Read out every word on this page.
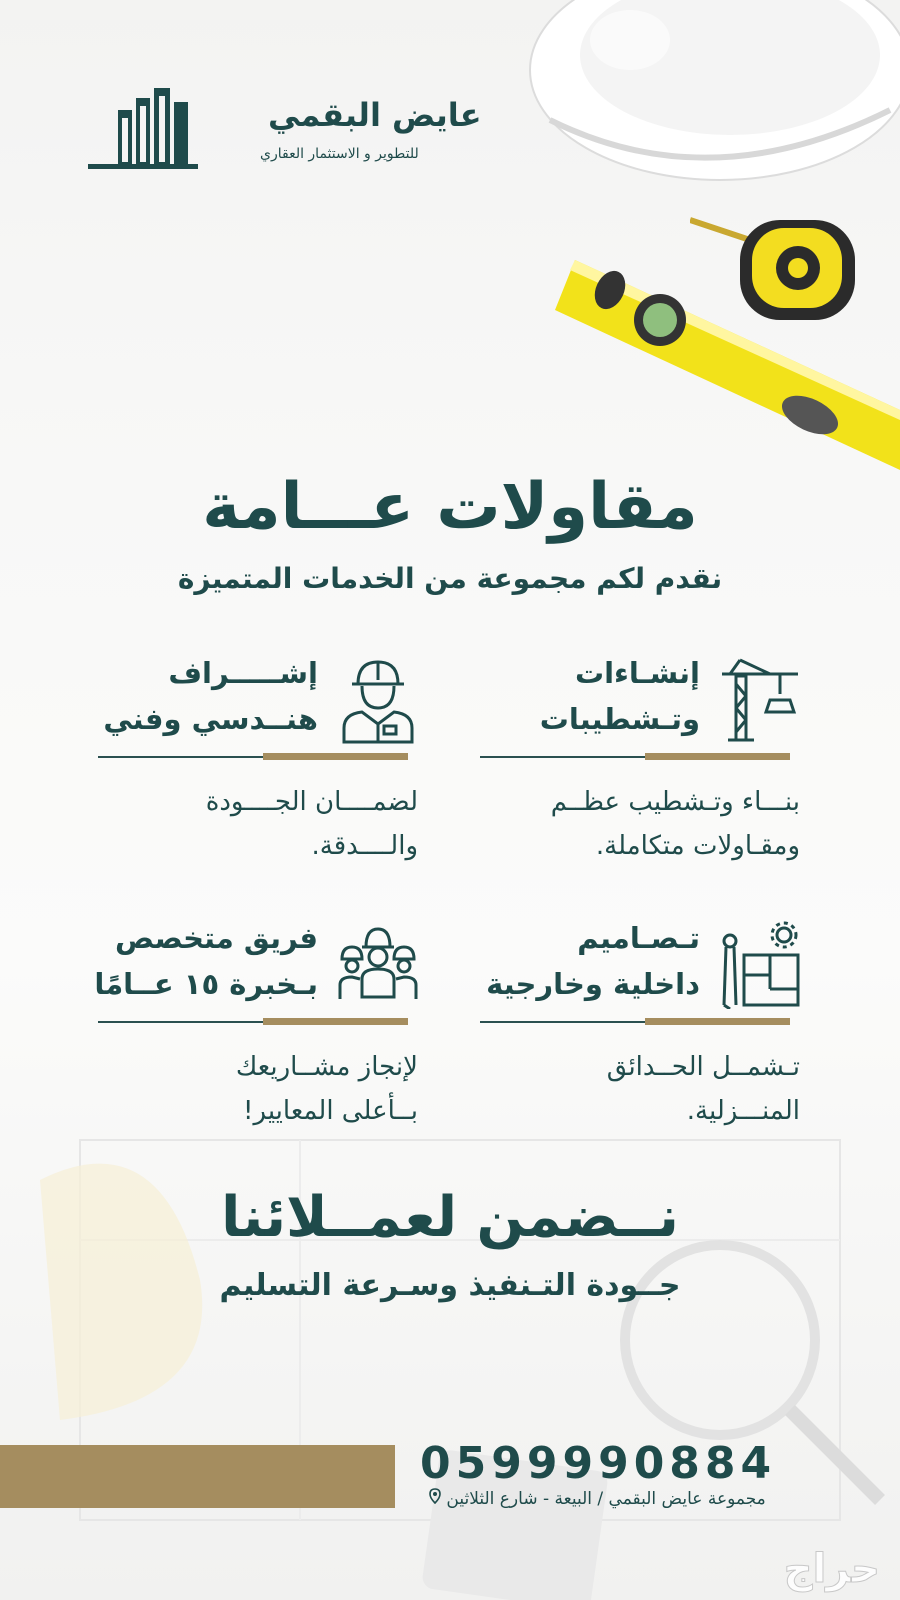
عايض البقمي
للتطوير و الاستثمار العقاري
مقاولات عـــامة
نقدم لكم مجموعة من الخدمات المتميزة
إنشـاءات
وتـشطيبات
بنـــاء وتـشطيب عظــم
ومقـاولات متكاملة.
إشـــــراف
هنــدسي وفني
لضمــــان الجــــودة
والــــدقة.
تـصـاميم
داخلية وخارجية
تـشمــل الحــدائق
المنـــزلية.
فريق متخصص
بـخبرة ١٥ عــامًا
لإنجاز مشــاريعك
بــأعلى المعايير!
نــضمن لعمــلائنا
جــودة التـنفيذ وسـرعة التسليم
0599990884
مجموعة عايض البقمي / البيعة - شارع الثلاثين
حراج
